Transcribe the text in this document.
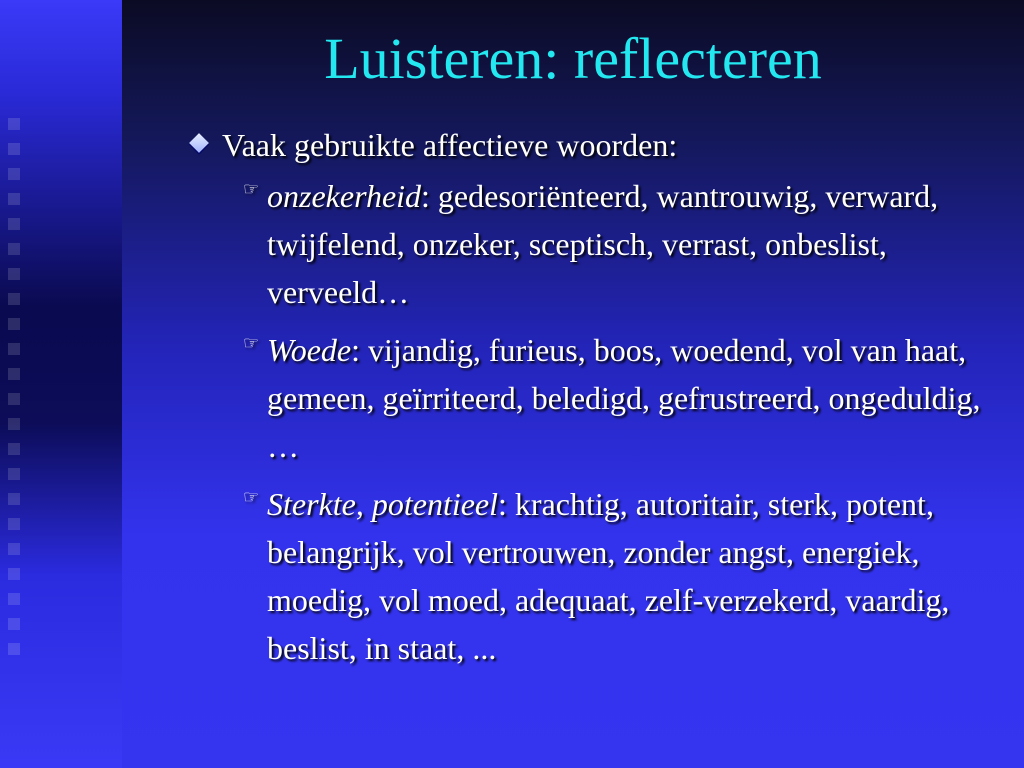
Luisteren: reflecteren
Vaak gebruikte affectieve woorden:
☞ onzekerheid: gedesoriënteerd, wantrouwig, verward, twijfelend, onzeker, sceptisch, verrast, onbeslist, verveeld…
☞ Woede: vijandig, furieus, boos, woedend, vol van haat, gemeen, geïrriteerd, beledigd, gefrustreerd, ongeduldig, …
☞ Sterkte, potentieel: krachtig, autoritair, sterk, potent, belangrijk, vol vertrouwen, zonder angst, energiek, moedig, vol moed, adequaat, zelf-verzekerd, vaardig, beslist, in staat, ...
